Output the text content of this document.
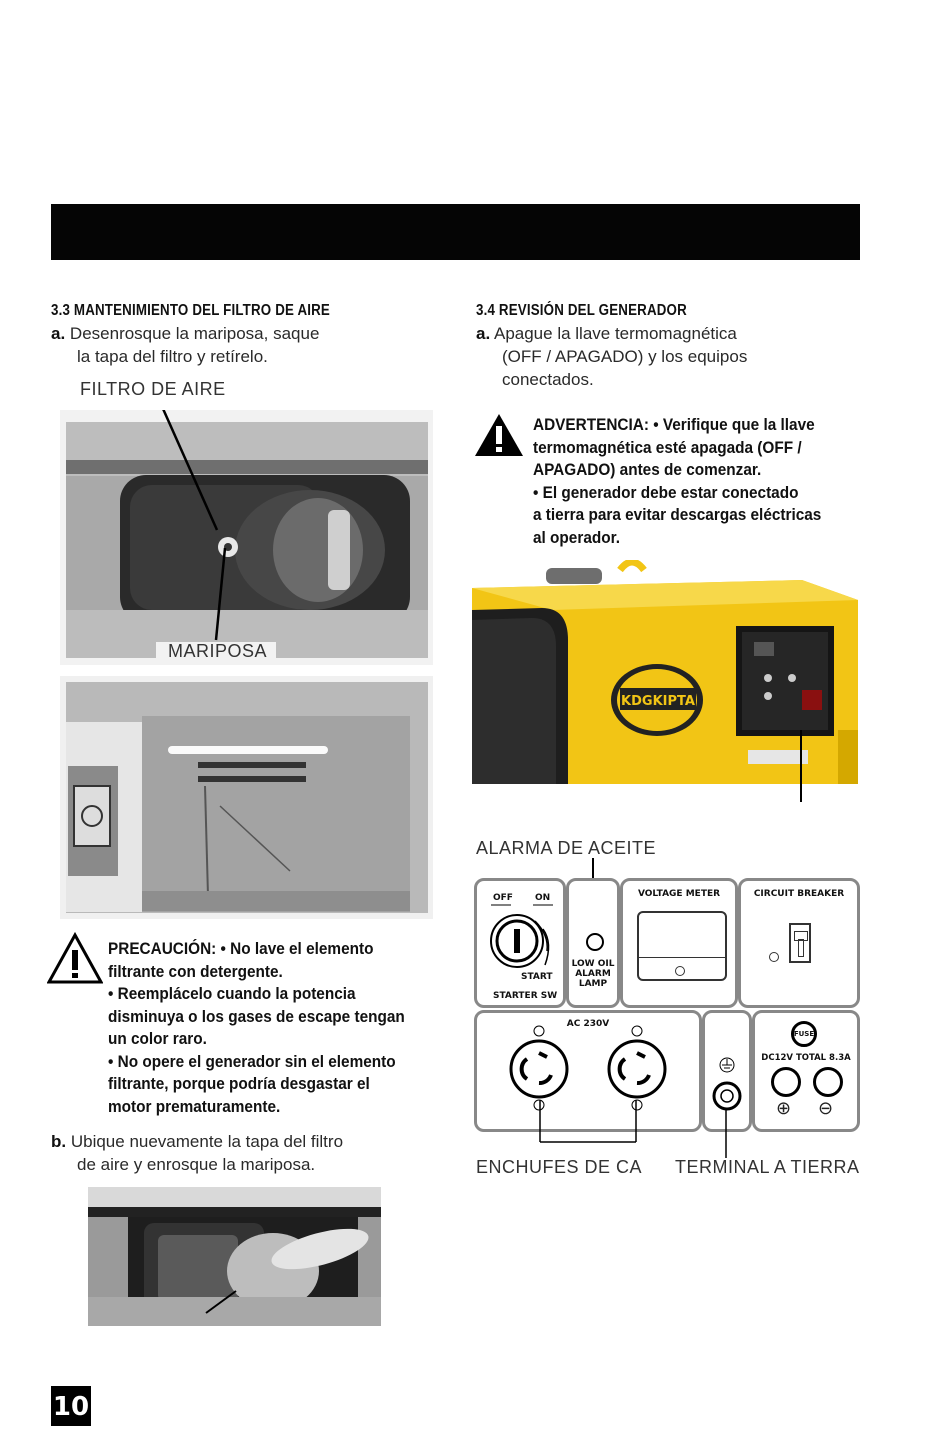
3.3 MANTENIMIENTO DEL FILTRO DE AIRE
a. Desenrosque la mariposa, saque
la tapa del filtro y retírelo.
FILTRO DE AIRE
MARIPOSA
PRECAUCIÓN: • No lave el elemento
filtrante con detergente.
• Reemplácelo cuando la potencia
disminuya o los gases de escape tengan
un color raro.
• No opere el generador sin el elemento
filtrante, porque podría desgastar el
motor prematuramente.
b. Ubique nuevamente la tapa del filtro
de aire y enrosque la mariposa.
3.4 REVISIÓN DEL GENERADOR
a. Apague la llave termomagnética
(OFF / APAGADO) y los equipos
conectados.
ADVERTENCIA: • Verifique que la llave
termomagnética esté apagada (OFF /
APAGADO) antes de comenzar.
• El generador debe estar conectado
a tierra para evitar descargas eléctricas
al operador.
KDGKIPTA
ALARMA DE ACEITE
OFF ON
START
STARTER SW
LOW OIL
ALARM
LAMP
VOLTAGE METER	CIRCUIT BREAKER
AC 230V
FUSE
DC12V TOTAL 8.3A
⊕ ⊖
ENCHUFES DE CA TERMINAL A TIERRA
10
